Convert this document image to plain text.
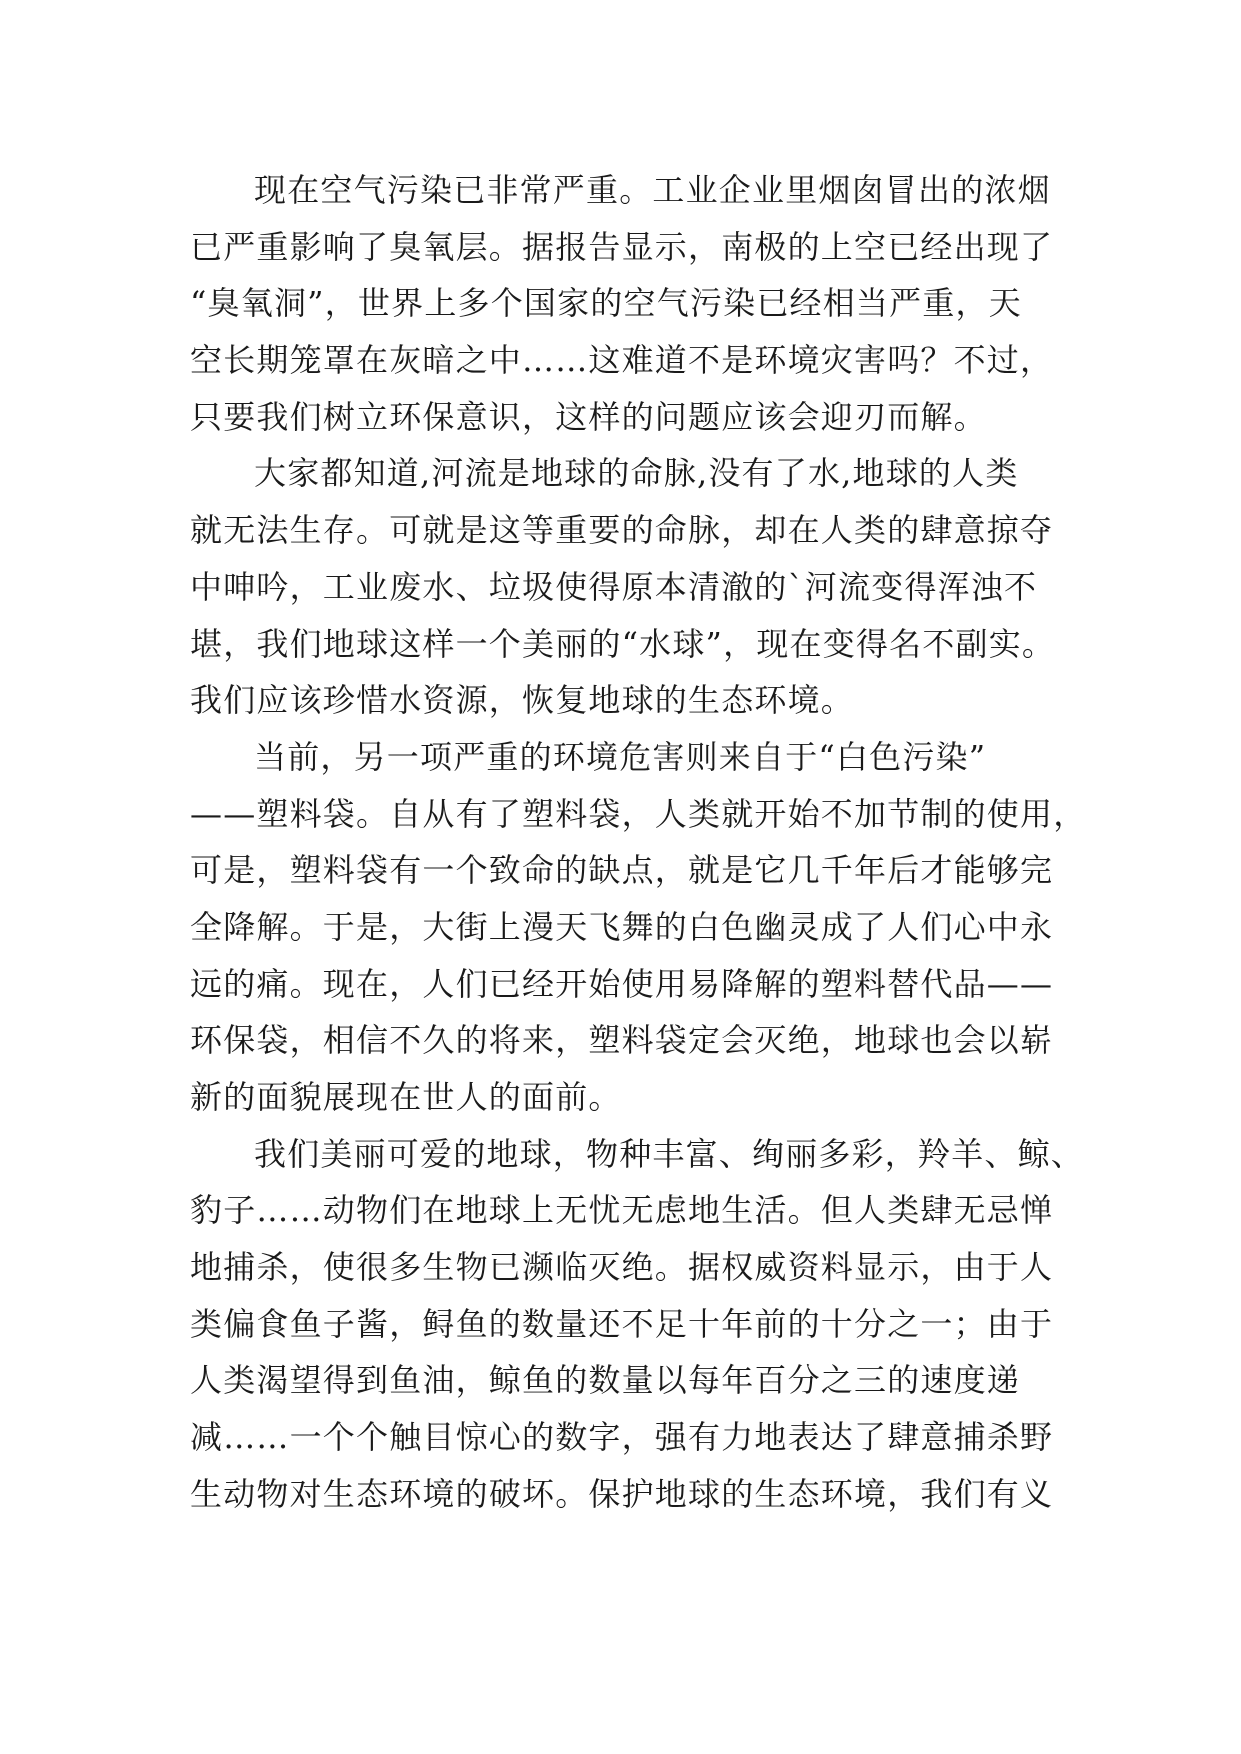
现在空气污染已非常严重。工业企业里烟囱冒出的浓烟
已严重影响了臭氧层。据报告显示，南极的上空已经出现了
“臭氧洞”，世界上多个国家的空气污染已经相当严重，天
空长期笼罩在灰暗之中……这难道不是环境灾害吗？不过，
只要我们树立环保意识，这样的问题应该会迎刃而解。
大家都知道,河流是地球的命脉,没有了水,地球的人类
就无法生存。可就是这等重要的命脉，却在人类的肆意掠夺
中呻吟，工业废水、垃圾使得原本清澈的`河流变得浑浊不
堪，我们地球这样一个美丽的“水球”，现在变得名不副实。
我们应该珍惜水资源，恢复地球的生态环境。
当前，另一项严重的环境危害则来自于“白色污染”
——塑料袋。自从有了塑料袋，人类就开始不加节制的使用，
可是，塑料袋有一个致命的缺点，就是它几千年后才能够完
全降解。于是，大街上漫天飞舞的白色幽灵成了人们心中永
远的痛。现在，人们已经开始使用易降解的塑料替代品——
环保袋，相信不久的将来，塑料袋定会灭绝，地球也会以崭
新的面貌展现在世人的面前。
我们美丽可爱的地球，物种丰富、绚丽多彩，羚羊、鲸、
豹子……动物们在地球上无忧无虑地生活。但人类肆无忌惮
地捕杀，使很多生物已濒临灭绝。据权威资料显示，由于人
类偏食鱼子酱，鲟鱼的数量还不足十年前的十分之一；由于
人类渴望得到鱼油，鲸鱼的数量以每年百分之三的速度递
减……一个个触目惊心的数字，强有力地表达了肆意捕杀野
生动物对生态环境的破坏。保护地球的生态环境，我们有义
